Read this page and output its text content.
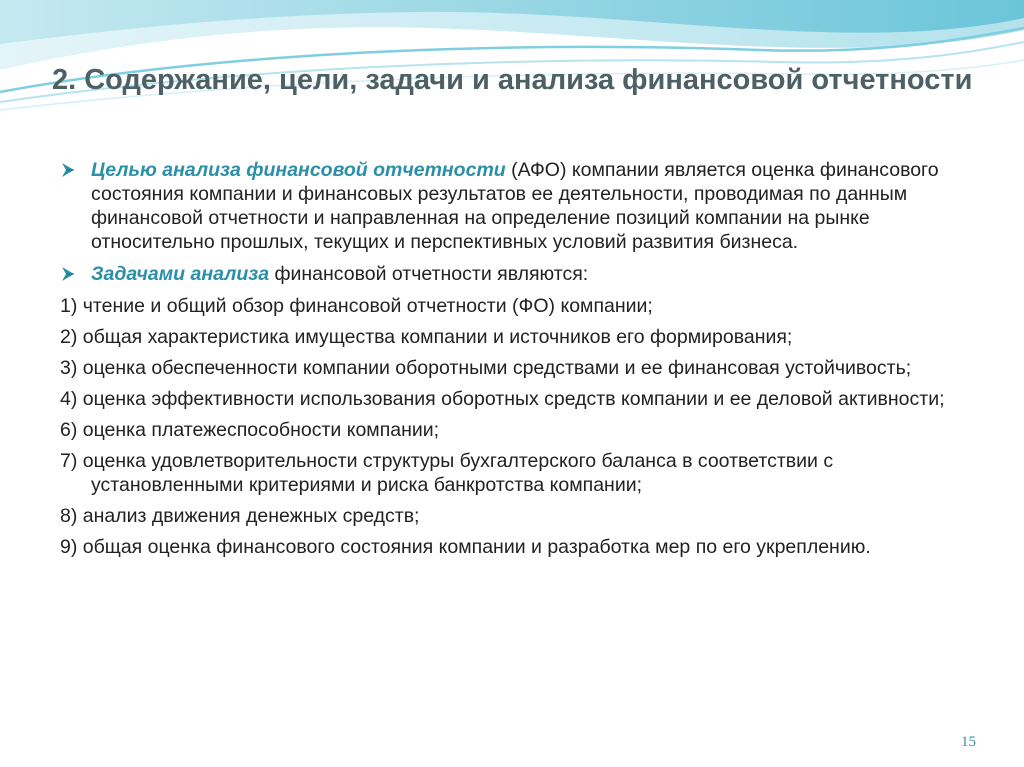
2. Содержание, цели, задачи и анализа финансовой отчетности
Целью анализа финансовой отчетности (АФО) компании является оценка финансового состояния компании и финансовых результатов ее деятельности, проводимая по данным финансовой отчетности и направленная на определение позиций компании на рынке относительно прошлых, текущих и перспективных условий развития бизнеса.
Задачами анализа финансовой отчетности являются:
1) чтение и общий обзор финансовой отчетности (ФО) компании;
2) общая характеристика имущества компании и источников его формирования;
3) оценка обеспеченности компании оборотными средствами и ее финансовая устойчивость;
4) оценка эффективности использования оборотных средств компании и ее деловой активности;
6) оценка платежеспособности компании;
7) оценка удовлетворительности структуры бухгалтерского баланса в соответствии с установленными критериями и риска банкротства компании;
8) анализ движения денежных средств;
9) общая оценка финансового состояния компании и разработка мер по его укреплению.
15
